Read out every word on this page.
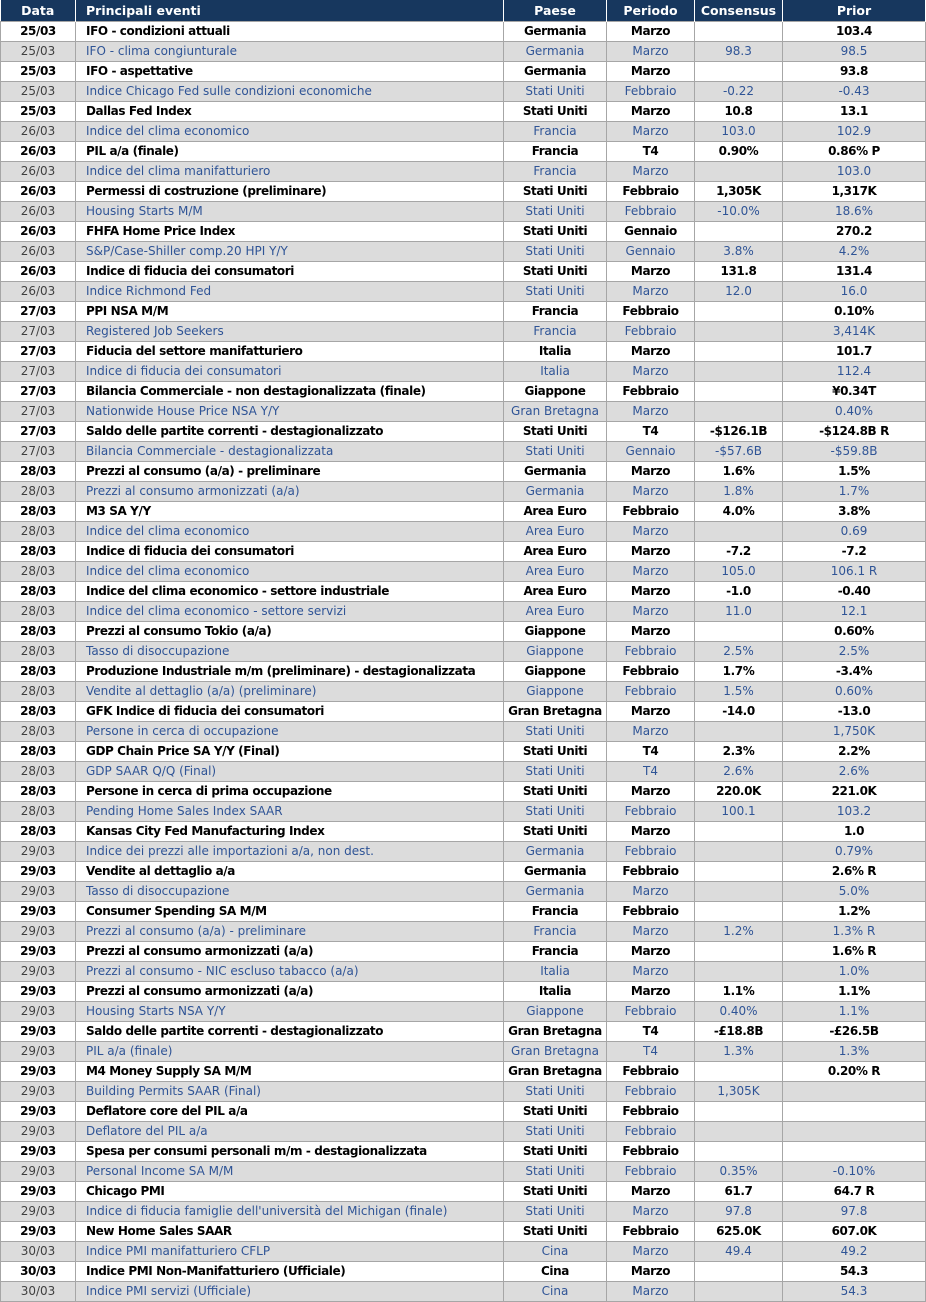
Data	Principali eventi	Paese	Periodo	Consensus	Prior
25/03	IFO - condizioni attuali	Germania	Marzo		103.4
25/03	IFO - clima congiunturale	Germania	Marzo	98.3	98.5
25/03	IFO - aspettative	Germania	Marzo		93.8
25/03	Indice Chicago Fed sulle condizioni economiche	Stati Uniti	Febbraio	-0.22	-0.43
25/03	Dallas Fed Index	Stati Uniti	Marzo	10.8	13.1
26/03	Indice del clima economico	Francia	Marzo	103.0	102.9
26/03	PIL a/a (finale)	Francia	T4	0.90%	0.86% P
26/03	Indice del clima manifatturiero	Francia	Marzo		103.0
26/03	Permessi di costruzione (preliminare)	Stati Uniti	Febbraio	1,305K	1,317K
26/03	Housing Starts M/M	Stati Uniti	Febbraio	-10.0%	18.6%
26/03	FHFA Home Price Index	Stati Uniti	Gennaio		270.2
26/03	S&P/Case-Shiller comp.20 HPI Y/Y	Stati Uniti	Gennaio	3.8%	4.2%
26/03	Indice di fiducia dei consumatori	Stati Uniti	Marzo	131.8	131.4
26/03	Indice Richmond Fed	Stati Uniti	Marzo	12.0	16.0
27/03	PPI NSA M/M	Francia	Febbraio		0.10%
27/03	Registered Job Seekers	Francia	Febbraio		3,414K
27/03	Fiducia del settore manifatturiero	Italia	Marzo		101.7
27/03	Indice di fiducia dei consumatori	Italia	Marzo		112.4
27/03	Bilancia Commerciale - non destagionalizzata (finale)	Giappone	Febbraio		¥0.34T
27/03	Nationwide House Price NSA Y/Y	Gran Bretagna	Marzo		0.40%
27/03	Saldo delle partite correnti - destagionalizzato	Stati Uniti	T4	-$126.1B	-$124.8B R
27/03	Bilancia Commerciale - destagionalizzata	Stati Uniti	Gennaio	-$57.6B	-$59.8B
28/03	Prezzi al consumo (a/a) - preliminare	Germania	Marzo	1.6%	1.5%
28/03	Prezzi al consumo armonizzati (a/a)	Germania	Marzo	1.8%	1.7%
28/03	M3 SA Y/Y	Area Euro	Febbraio	4.0%	3.8%
28/03	Indice del clima economico	Area Euro	Marzo		0.69
28/03	Indice di fiducia dei consumatori	Area Euro	Marzo	-7.2	-7.2
28/03	Indice del clima economico	Area Euro	Marzo	105.0	106.1 R
28/03	Indice del clima economico - settore industriale	Area Euro	Marzo	-1.0	-0.40
28/03	Indice del clima economico - settore servizi	Area Euro	Marzo	11.0	12.1
28/03	Prezzi al consumo Tokio (a/a)	Giappone	Marzo		0.60%
28/03	Tasso di disoccupazione	Giappone	Febbraio	2.5%	2.5%
28/03	Produzione Industriale m/m (preliminare) - destagionalizzata	Giappone	Febbraio	1.7%	-3.4%
28/03	Vendite al dettaglio (a/a) (preliminare)	Giappone	Febbraio	1.5%	0.60%
28/03	GFK Indice di fiducia dei consumatori	Gran Bretagna	Marzo	-14.0	-13.0
28/03	Persone in cerca di occupazione	Stati Uniti	Marzo		1,750K
28/03	GDP Chain Price SA Y/Y (Final)	Stati Uniti	T4	2.3%	2.2%
28/03	GDP SAAR Q/Q (Final)	Stati Uniti	T4	2.6%	2.6%
28/03	Persone in cerca di prima occupazione	Stati Uniti	Marzo	220.0K	221.0K
28/03	Pending Home Sales Index SAAR	Stati Uniti	Febbraio	100.1	103.2
28/03	Kansas City Fed Manufacturing Index	Stati Uniti	Marzo		1.0
29/03	Indice dei prezzi alle importazioni a/a, non dest.	Germania	Febbraio		0.79%
29/03	Vendite al dettaglio a/a	Germania	Febbraio		2.6% R
29/03	Tasso di disoccupazione	Germania	Marzo		5.0%
29/03	Consumer Spending SA M/M	Francia	Febbraio		1.2%
29/03	Prezzi al consumo (a/a) - preliminare	Francia	Marzo	1.2%	1.3% R
29/03	Prezzi al consumo armonizzati (a/a)	Francia	Marzo		1.6% R
29/03	Prezzi al consumo - NIC escluso tabacco (a/a)	Italia	Marzo		1.0%
29/03	Prezzi al consumo armonizzati (a/a)	Italia	Marzo	1.1%	1.1%
29/03	Housing Starts NSA Y/Y	Giappone	Febbraio	0.40%	1.1%
29/03	Saldo delle partite correnti - destagionalizzato	Gran Bretagna	T4	-£18.8B	-£26.5B
29/03	PIL a/a (finale)	Gran Bretagna	T4	1.3%	1.3%
29/03	M4 Money Supply SA M/M	Gran Bretagna	Febbraio		0.20% R
29/03	Building Permits SAAR (Final)	Stati Uniti	Febbraio	1,305K	
29/03	Deflatore core del PIL a/a	Stati Uniti	Febbraio		
29/03	Deflatore del PIL a/a	Stati Uniti	Febbraio		
29/03	Spesa per consumi personali m/m - destagionalizzata	Stati Uniti	Febbraio		
29/03	Personal Income SA M/M	Stati Uniti	Febbraio	0.35%	-0.10%
29/03	Chicago PMI	Stati Uniti	Marzo	61.7	64.7 R
29/03	Indice di fiducia famiglie dell'università del Michigan (finale)	Stati Uniti	Marzo	97.8	97.8
29/03	New Home Sales SAAR	Stati Uniti	Febbraio	625.0K	607.0K
30/03	Indice PMI manifatturiero CFLP	Cina	Marzo	49.4	49.2
30/03	Indice PMI Non-Manifatturiero (Ufficiale)	Cina	Marzo		54.3
30/03	Indice PMI servizi (Ufficiale)	Cina	Marzo		54.3
